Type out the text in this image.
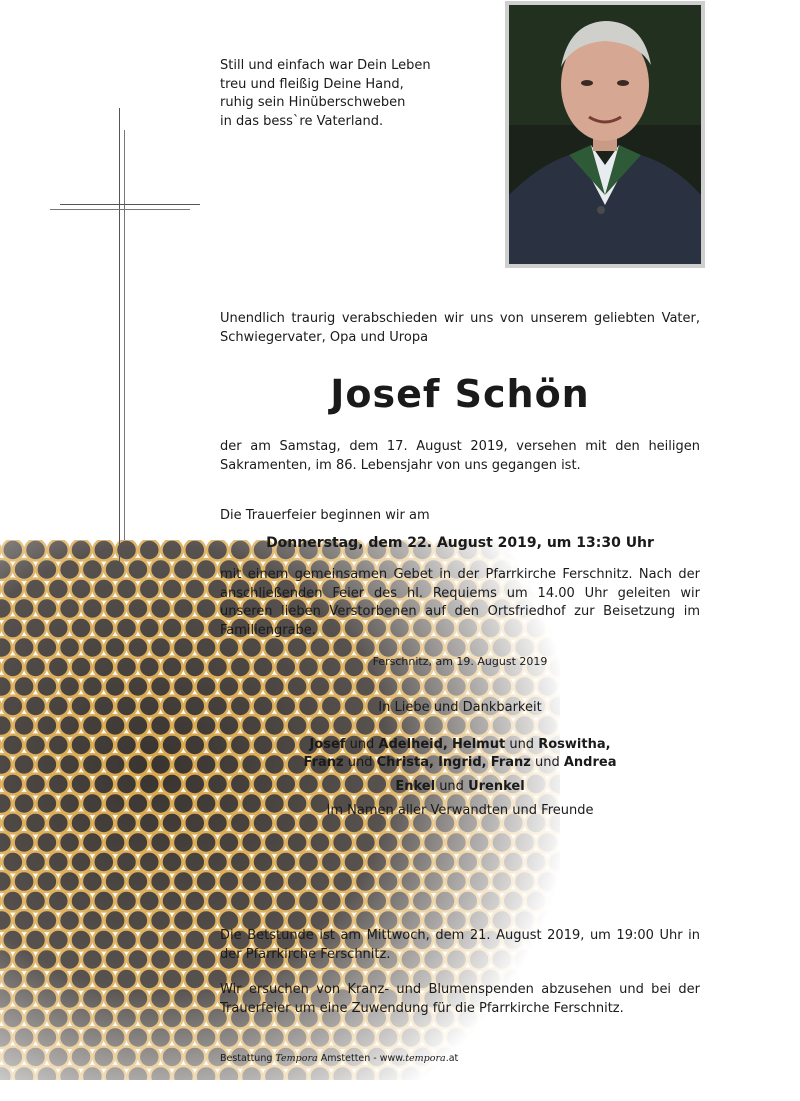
Still und einfach war Dein Leben
treu und fleißig Deine Hand,
ruhig sein Hinüberschweben
in das bess`re Vaterland.
Unendlich traurig verabschieden wir uns von unserem geliebten Vater, Schwiegervater, Opa und Uropa
Josef Schön
der am Samstag, dem 17. August 2019, versehen mit den heiligen Sakramenten, im 86. Lebensjahr von uns gegangen ist.
Die Trauerfeier beginnen wir am
Donnerstag, dem 22. August 2019, um 13:30 Uhr
mit einem gemeinsamen Gebet in der Pfarrkirche Ferschnitz. Nach der anschließenden Feier des hl. Requiems um 14.00 Uhr geleiten wir unseren lieben Verstorbenen auf den Ortsfriedhof zur Beisetzung im Familiengrabe.
Ferschnitz, am 19. August 2019
In Liebe und Dankbarkeit
Josef und Adelheid, Helmut und Roswitha,
Franz und Christa, Ingrid, Franz und Andrea
Enkel und Urenkel
Im Namen aller Verwandten und Freunde
Die Betstunde ist am Mittwoch, dem 21. August 2019, um 19:00 Uhr in der Pfarrkirche Ferschnitz.
Wir ersuchen von Kranz- und Blumenspenden abzusehen und bei der Trauerfeier um eine Zuwendung für die Pfarrkirche Ferschnitz.
Bestattung Tempora Amstetten - www.tempora.at
